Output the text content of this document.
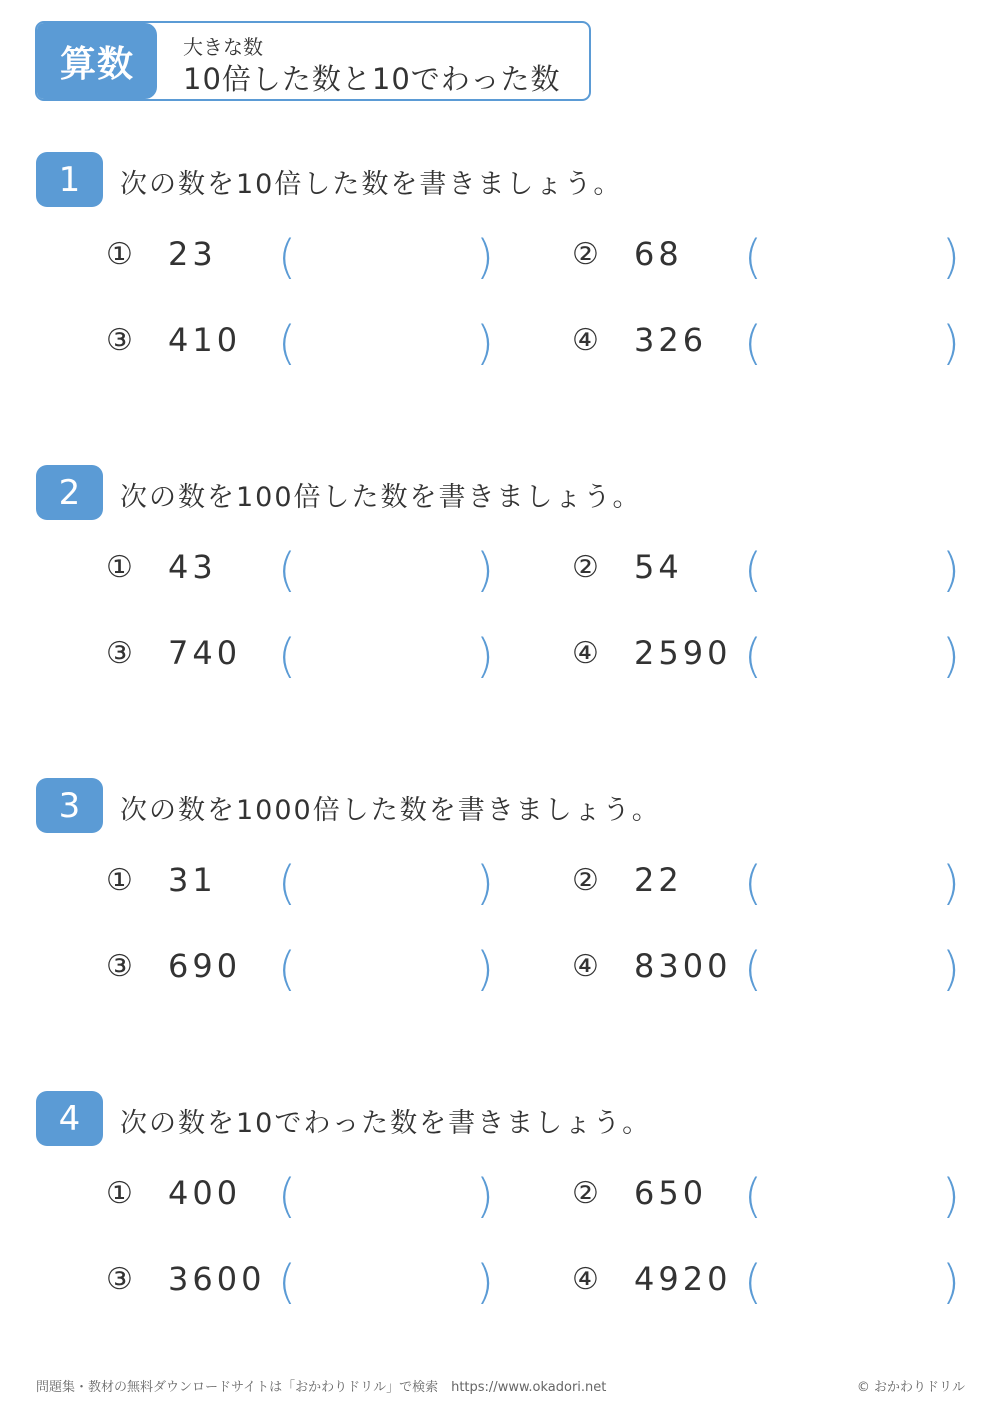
算数	大きな数
10倍した数と10でわった数
1	次の数を10倍した数を書きましょう。
① 23 (	)	② 68 (	)
③ 410 (	)	④ 326 (	)
2	次の数を100倍した数を書きましょう。
① 43 (	)	② 54 (	)
③ 740 (	)	④ 2590 (	)
3	次の数を1000倍した数を書きましょう。
① 31 (	)	② 22 (	)
③ 690 (	)	④ 8300 (	)
4	次の数を10でわった数を書きましょう。
① 400 (	)	② 650 (	)
③ 3600 (	)	④ 4920 (	)
問題集・教材の無料ダウンロードサイトは「おかわりドリル」で検索　https://www.okadori.net	© おかわりドリル
